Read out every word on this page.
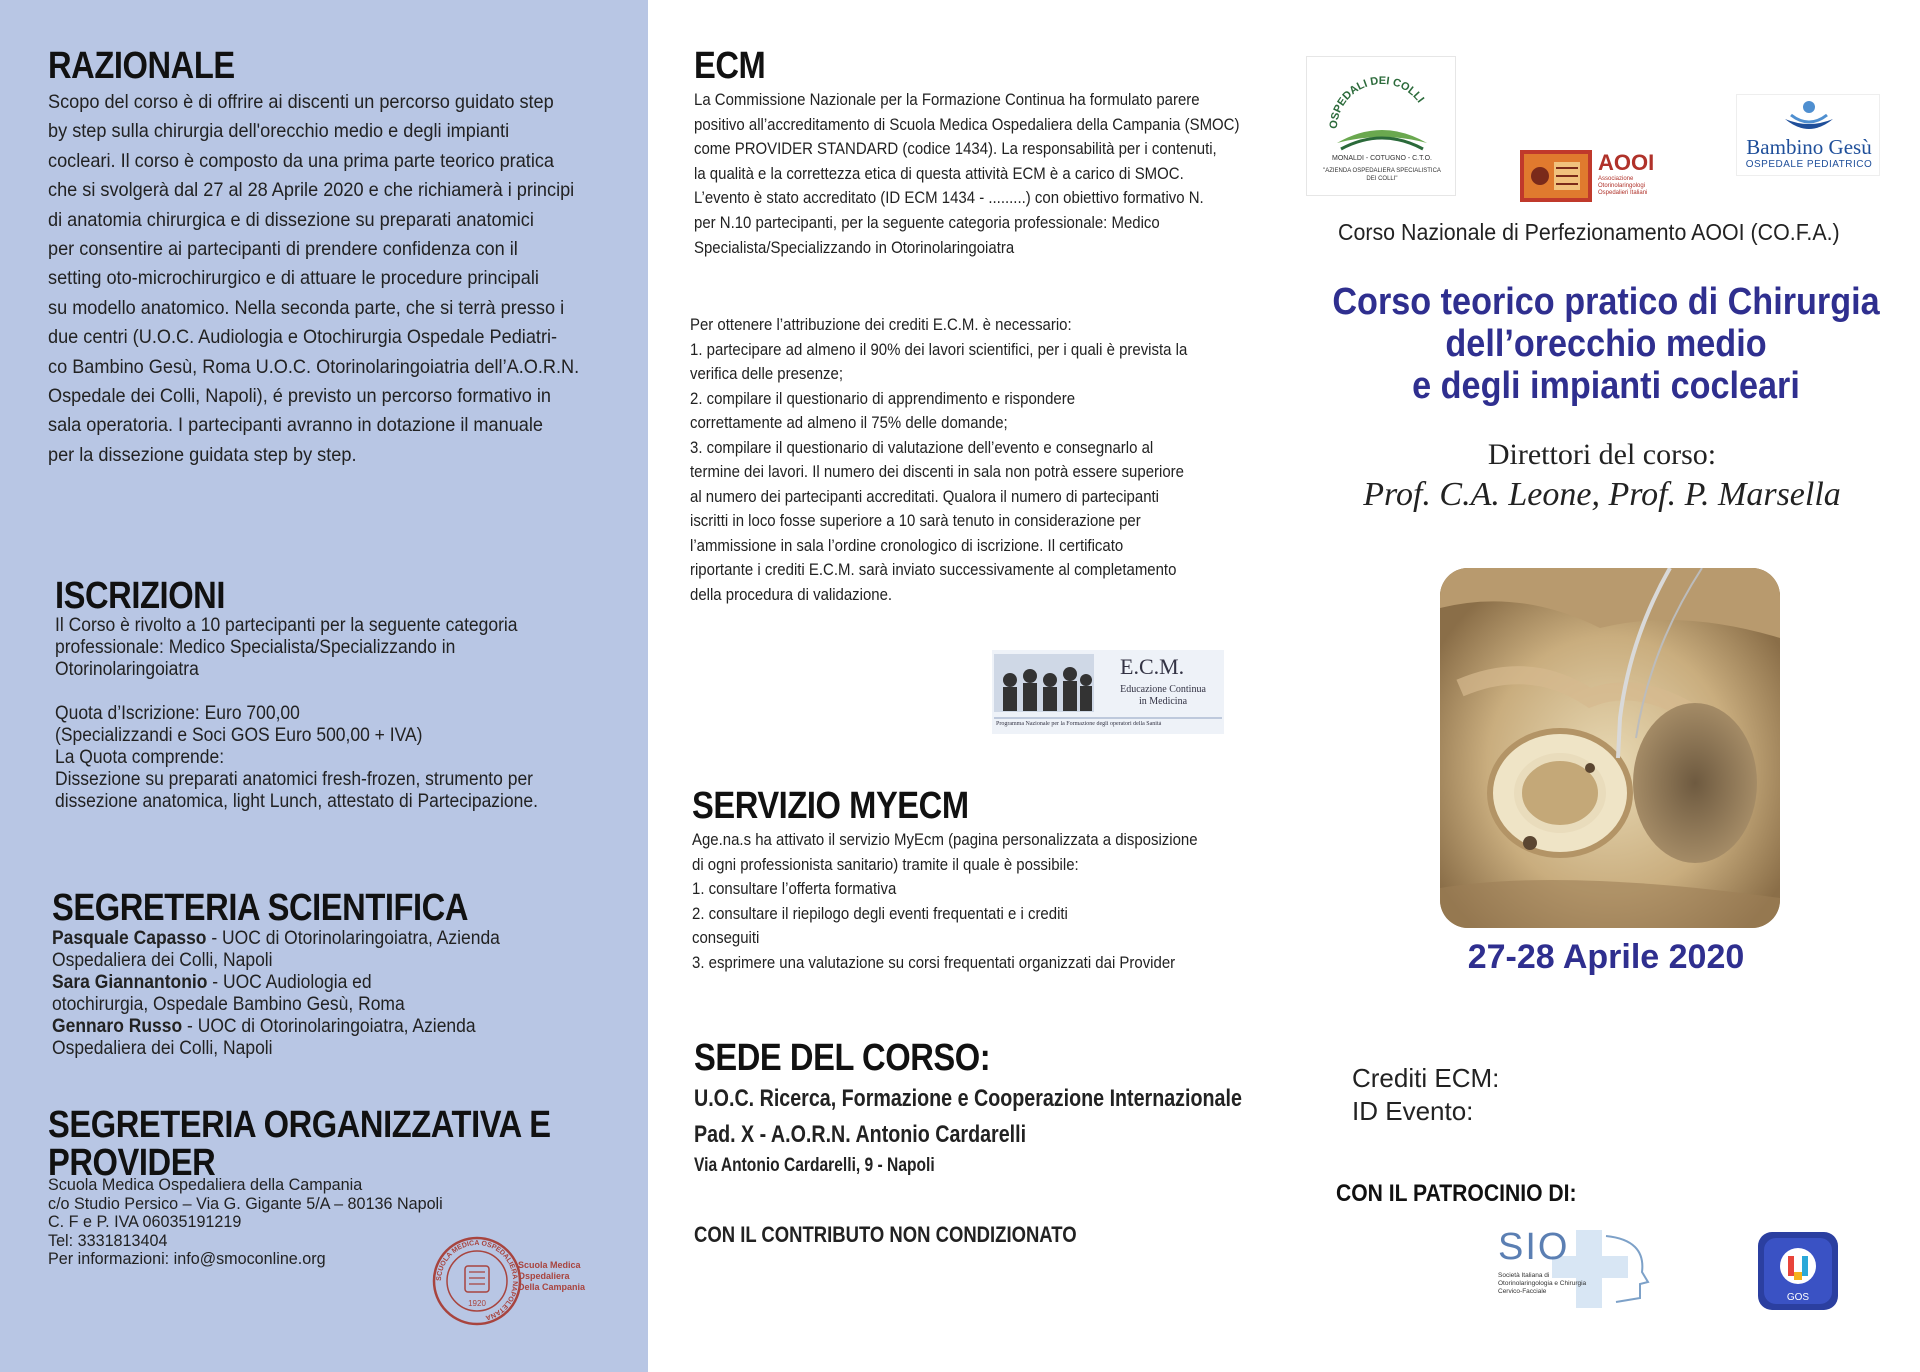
RAZIONALE
Scopo del corso è di offrire ai discenti un percorso guidato step
by step sulla chirurgia dell'orecchio medio e degli impianti
cocleari. Il corso è composto da una prima parte teorico pratica
che si svolgerà dal 27 al 28 Aprile 2020 e che richiamerà i principi
di anatomia chirurgica e di dissezione su preparati anatomici
per consentire ai partecipanti di prendere confidenza con il
setting oto-microchirurgico e di attuare le procedure principali
su modello anatomico. Nella seconda parte, che si terrà presso i
due centri (U.O.C. Audiologia e Otochirurgia Ospedale Pediatri-
co Bambino Gesù, Roma U.O.C. Otorinolaringoiatria dell’A.O.R.N.
Ospedale dei Colli, Napoli), é previsto un percorso formativo in
sala operatoria. I partecipanti avranno in dotazione il manuale
per la dissezione guidata step by step.
ISCRIZIONI
Il Corso è rivolto a 10 partecipanti per la seguente categoria
professionale: Medico Specialista/Specializzando in
Otorinolaringoiatra
Quota d’Iscrizione: Euro 700,00
(Specializzandi e Soci GOS Euro 500,00 + IVA)
La Quota comprende:
Dissezione su preparati anatomici fresh-frozen, strumento per
dissezione anatomica, light Lunch, attestato di Partecipazione.
SEGRETERIA SCIENTIFICA
Pasquale Capasso - UOC di Otorinolaringoiatra, Azienda
Ospedaliera dei Colli, Napoli
Sara Giannantonio - UOC Audiologia ed
otochirurgia, Ospedale Bambino Gesù, Roma
Gennaro Russo - UOC di Otorinolaringoiatra, Azienda
Ospedaliera dei Colli, Napoli
SEGRETERIA ORGANIZZATIVA E
PROVIDER
Scuola Medica Ospedaliera della Campania
c/o Studio Persico – Via G. Gigante 5/A – 80136 Napoli
C. F e P. IVA 06035191219
Tel: 3331813404
Per informazioni: info@smoconline.org
SCUOLA MEDICA OSPEDALIERA NAPOLETANA
1920
Scuola Medica
Ospedaliera
Della Campania
ECM
La Commissione Nazionale per la Formazione Continua ha formulato parere
positivo all’accreditamento di Scuola Medica Ospedaliera della Campania (SMOC)
come PROVIDER STANDARD (codice 1434). La responsabilità per i contenuti,
la qualità e la correttezza etica di questa attività ECM è a carico di SMOC.
L’evento è stato accreditato (ID ECM 1434 - .........) con obiettivo formativo N.
per N.10 partecipanti, per la seguente categoria professionale: Medico
Specialista/Specializzando in Otorinolaringoiatra
Per ottenere l’attribuzione dei crediti E.C.M. è necessario:
1. partecipare ad almeno il 90% dei lavori scientifici, per i quali è prevista la
verifica delle presenze;
2. compilare il questionario di apprendimento e rispondere
correttamente ad almeno il 75% delle domande;
3. compilare il questionario di valutazione dell’evento e consegnarlo al
termine dei lavori. Il numero dei discenti in sala non potrà essere superiore
al numero dei partecipanti accreditati. Qualora il numero di partecipanti
iscritti in loco fosse superiore a 10 sarà tenuto in considerazione per
l’ammissione in sala l’ordine cronologico di iscrizione. Il certificato
riportante i crediti E.C.M. sarà inviato successivamente al completamento
della procedura di validazione.
E.C.M.
Educazione Continua
in Medicina
Programma Nazionale per la Formazione degli operatori della Sanità
SERVIZIO MYECM
Age.na.s ha attivato il servizio MyEcm (pagina personalizzata a disposizione
di ogni professionista sanitario) tramite il quale è possibile:
1. consultare l’offerta formativa
2. consultare il riepilogo degli eventi frequentati e i crediti
conseguiti
3. esprimere una valutazione su corsi frequentati organizzati dai Provider
SEDE DEL CORSO:
U.O.C. Ricerca, Formazione e Cooperazione Internazionale
Pad. X - A.O.R.N. Antonio Cardarelli
Via Antonio Cardarelli, 9 - Napoli
CON IL CONTRIBUTO NON CONDIZIONATO
OSPEDALI DEI COLLI
MONALDI - COTUGNO - C.T.O.
"AZIENDA OSPEDALIERA SPECIALISTICA DEI COLLI"
AOOI
Associazione Otorinolaringologi Ospedalieri Italiani
Bambino Gesù
OSPEDALE PEDIATRICO
Corso Nazionale di Perfezionamento AOOI (CO.F.A.)
Corso teorico pratico di Chirurgia
dell’orecchio medio
e degli impianti cocleari
Direttori del corso:
Prof. C.A. Leone, Prof. P. Marsella
27-28 Aprile 2020
Crediti ECM:
ID Evento:
CON IL PATROCINIO DI:
SIO
Società Italiana di Otorinolaringologia e Chirurgia Cervico-Facciale
GOS
